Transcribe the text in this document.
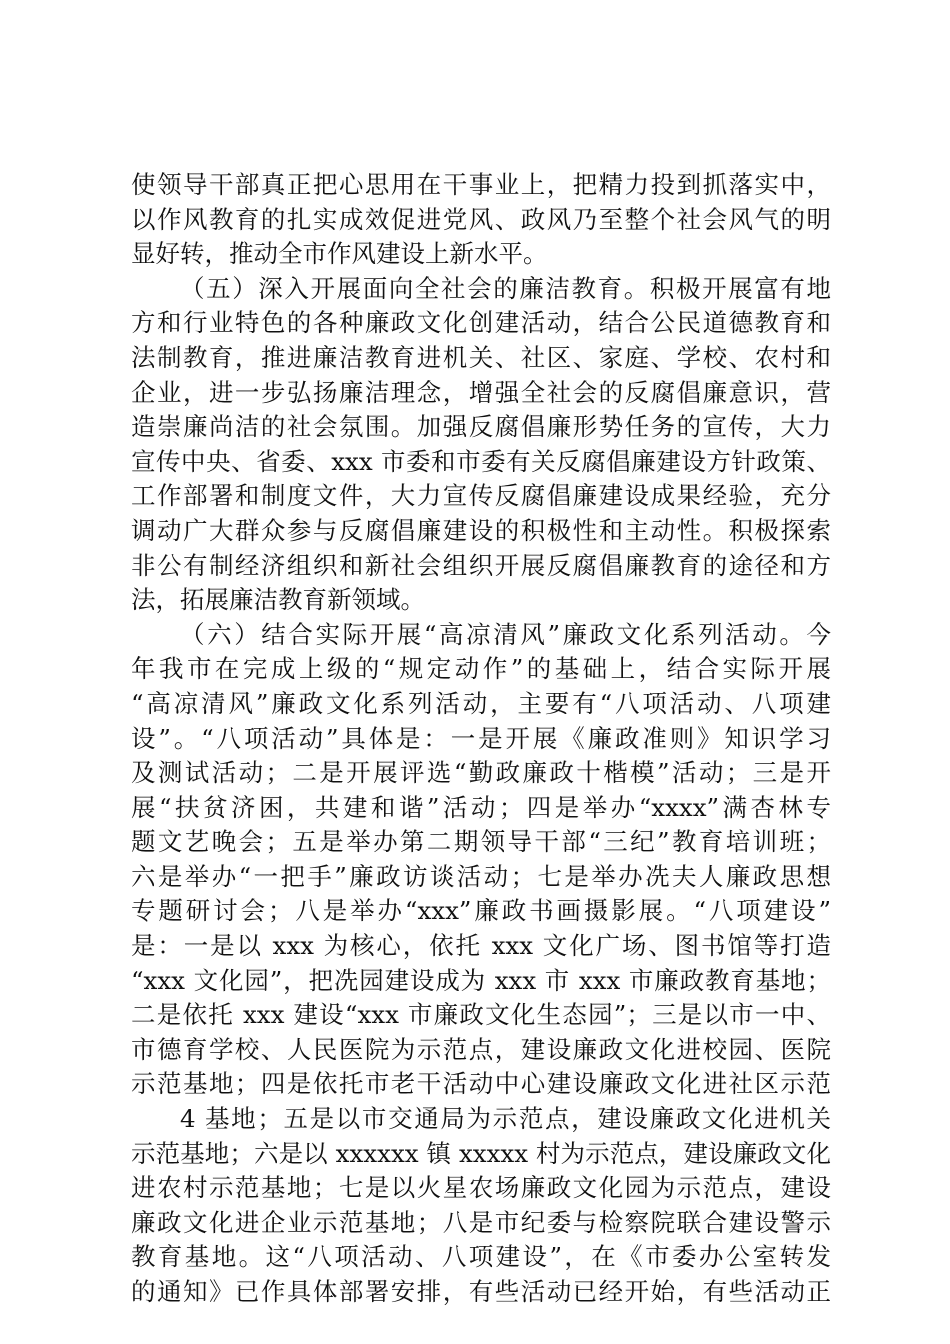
使领导干部真正把心思用在干事业上，把精力投到抓落实中，
以作风教育的扎实成效促进党风、政风乃至整个社会风气的明
显好转，推动全市作风建设上新水平。
（五）深入开展面向全社会的廉洁教育。积极开展富有地
方和行业特色的各种廉政文化创建活动，结合公民道德教育和
法制教育，推进廉洁教育进机关、社区、家庭、学校、农村和
企业，进一步弘扬廉洁理念，增强全社会的反腐倡廉意识，营
造崇廉尚洁的社会氛围。加强反腐倡廉形势任务的宣传，大力
宣传中央、省委、xxx 市委和市委有关反腐倡廉建设方针政策、
工作部署和制度文件，大力宣传反腐倡廉建设成果经验，充分
调动广大群众参与反腐倡廉建设的积极性和主动性。积极探索
非公有制经济组织和新社会组织开展反腐倡廉教育的途径和方
法，拓展廉洁教育新领域。
（六）结合实际开展“高凉清风”廉政文化系列活动。今
年我市在完成上级的“规定动作”的基础上，结合实际开展
“高凉清风”廉政文化系列活动，主要有“八项活动、八项建
设”。“八项活动”具体是：一是开展《廉政准则》知识学习
及测试活动；二是开展评选“勤政廉政十楷模”活动；三是开
展“扶贫济困，共建和谐”活动；四是举办“xxxx”满杏林专
题文艺晚会；五是举办第二期领导干部“三纪”教育培训班；
六是举办“一把手”廉政访谈活动；七是举办冼夫人廉政思想
专题研讨会；八是举办“xxx”廉政书画摄影展。“八项建设”
是：一是以 xxx 为核心，依托 xxx 文化广场、图书馆等打造
“xxx 文化园”，把冼园建设成为 xxx 市 xxx 市廉政教育基地；
二是依托 xxx 建设“xxx 市廉政文化生态园”；三是以市一中、
市德育学校、人民医院为示范点，建设廉政文化进校园、医院
示范基地；四是依托市老干活动中心建设廉政文化进社区示范
4 基地；五是以市交通局为示范点，建设廉政文化进机关
示范基地；六是以 xxxxxx 镇 xxxxx 村为示范点，建设廉政文化
进农村示范基地；七是以火星农场廉政文化园为示范点，建设
廉政文化进企业示范基地；八是市纪委与检察院联合建设警示
教育基地。这“八项活动、八项建设”，在《市委办公室转发
的通知》已作具体部署安排，有些活动已经开始，有些活动正
